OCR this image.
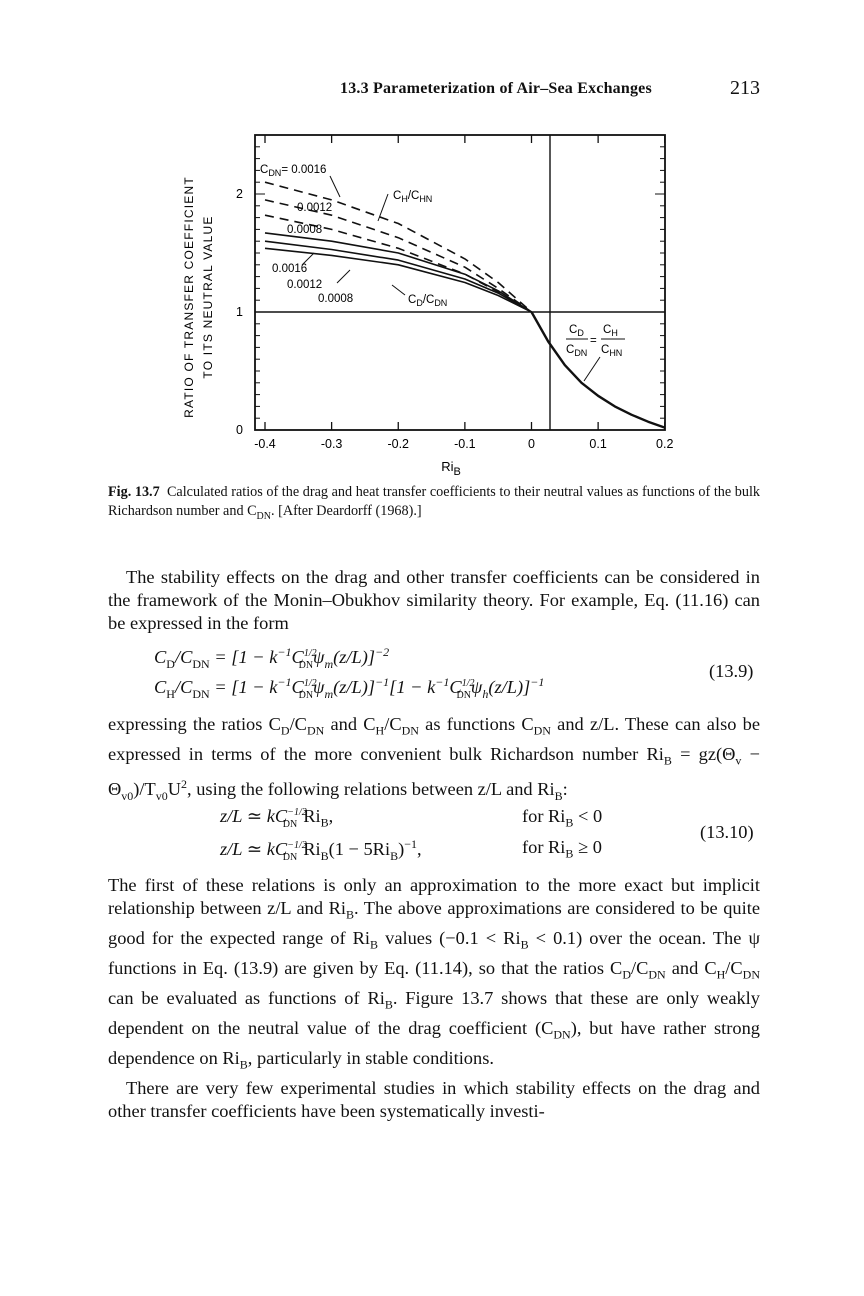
13.3 Parameterization of Air–Sea Exchanges	213
-0.4	-0.3	-0.2	-0.1	0	0.1	0.2
0
1
2
RATIO OF TRANSFER COEFFICIENT TO ITS NEUTRAL VALUE
$Ri_B$
$C_{DN}= 0.0016$
0.0012
0.0008
0.0016
0.0012
0.0008
$C_H/C_{HN}$
$C_D/C_{DN}$
$C_D$
$C_{DN}$
=
$C_H$
$C_{HN}$
Fig. 13.7 Calculated ratios of the drag and heat transfer coefficients to their neutral values as functions of the bulk Richardson number and $C_{DN}$. [After Deardorff (1968).]
The stability effects on the drag and other transfer coefficients can be considered in the framework of the Monin–Obukhov similarity theory. For example, Eq. (11.16) can be expressed in the form
$C_D/C_{DN} = [1 - k^{-1}C^{1/2}_{DN}\psi_m(z/L)]^{-2}$
$C_H/C_{DN} = [1 - k^{-1}C^{1/2}_{DN}\psi_m(z/L)]^{-1}[1 - k^{-1}C^{1/2}_{DN}\psi_h(z/L)]^{-1}$
(13.9)
expressing the ratios $C_D/C_{DN}$ and $C_H/C_{DN}$ as functions $C_{DN}$ and z/L. These can also be expressed in terms of the more convenient bulk Richardson number $Ri_B = gz(\Theta_v - \Theta_{v0})/T_{v0}U^2$, using the following relations between z/L and $Ri_B$:
z/L ≃ $kC^{-1/2}_{DN}$ $Ri_B$,	for $Ri_B < 0$
z/L ≃ $kC^{-1/2}_{DN}$ $Ri_B(1 - 5Ri_B)^{-1}$,	for $Ri_B \ge 0$
(13.10)
The first of these relations is only an approximation to the more exact but implicit relationship between z/L and $Ri_B$. The above approximations are considered to be quite good for the expected range of $Ri_B$ values $(-0.1 < Ri_B < 0.1)$ over the ocean. The ψ functions in Eq. (13.9) are given by Eq. (11.14), so that the ratios $C_D/C_{DN}$ and $C_H/C_{DN}$ can be evaluated as functions of $Ri_B$. Figure 13.7 shows that these are only weakly dependent on the neutral value of the drag coefficient $(C_{DN})$, but have rather strong dependence on $Ri_B$, particularly in stable conditions.
There are very few experimental studies in which stability effects on the drag and other transfer coefficients have been systematically investi-
